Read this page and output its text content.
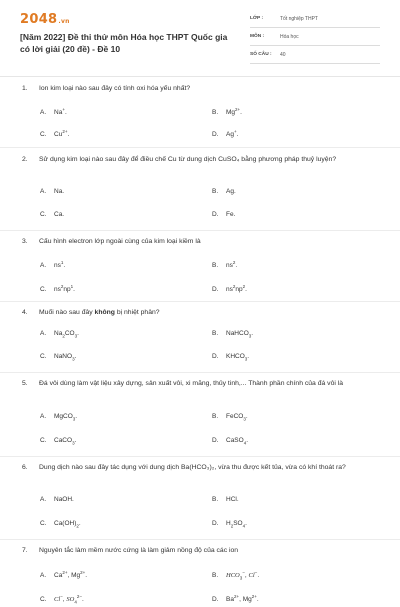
2048.vn
[Năm 2022] Đề thi thử môn Hóa học THPT Quốc gia có lời giải (20 đề) - Đề 10
LỚP :	Tốt nghiệp THPT
MÔN :	Hóa học
SỐ CÂU :	40
1. Ion kim loại nào sau đây có tính oxi hóa yếu nhất?
A. Na+.	B. $Mg^{2+}$.
C. $Cu^{2+}$.	D. Ag+.
2. Sử dụng kim loại nào sau đây để điều chế Cu từ dung dịch CuSO₄ bằng phương pháp thuỷ luyện?
A. Na.	B. Ag.
C. Ca.	D. Fe.
3. Cấu hình electron lớp ngoài cùng của kim loại kiềm là
A. $ns^1$.	B. $ns^2$.
C. $ns^2np^1$.	D. $ns^2np^2$.
4. Muối nào sau đây không bị nhiệt phân?
A. $Na_2CO_3$.	B. NaHCO$_3$.
C. NaNO$_3$.	D. $KHCO_3$.
5. Đá vôi dùng làm vật liệu xây dựng, sản xuất vôi, xi măng, thủy tinh,... Thành phần chính của đá vôi là
A. MgCO$_3$.	B. FeCO$_3$.
C. CaCO$_3$.	D. CaSO$_4$.
6. Dung dịch nào sau đây tác dụng với dung dịch Ba(HCO₃)₂, vừa thu được kết tủa, vừa có khí thoát ra?
A. NaOH.	B. HCl.
C. $Ca(OH)_2$.	D. $H_2SO_4$.
7. Nguyên tắc làm mềm nước cứng là làm giảm nồng độ của các ion
A. $Ca^{2+}$, $Mg^{2+}$.	B. $HCO_3^-$, Cl−.
C. Cl−, $SO_4^{2-}$.	D. $Ba^{2+}$, $Mg^{2+}$.
